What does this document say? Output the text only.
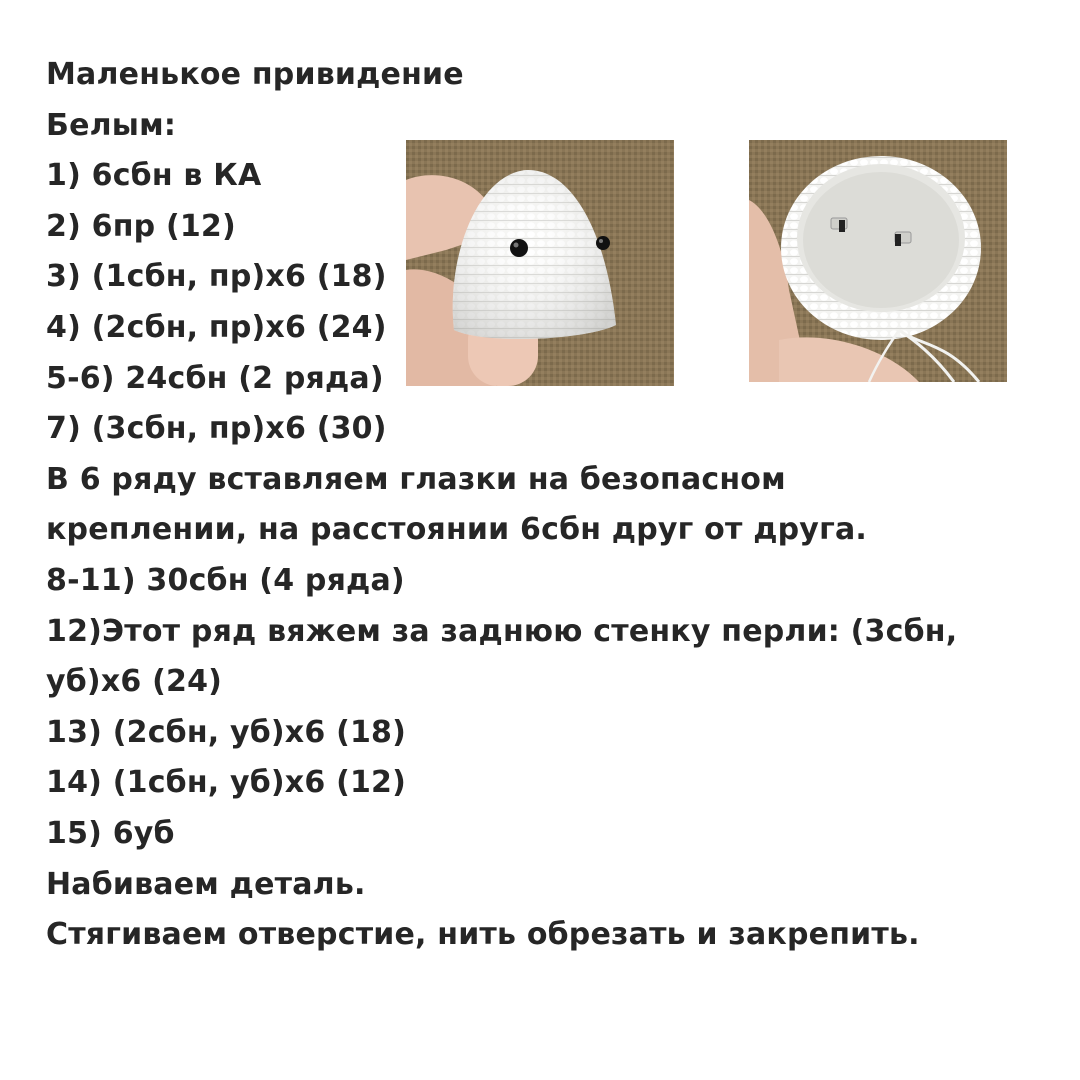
Маленькое привидение
Белым:
1) 6сбн в КА
2) 6пр (12)
3) (1сбн, пр)х6 (18)
4) (2сбн, пр)х6 (24)
5-6) 24сбн (2 ряда)
7) (3сбн, пр)х6 (30)
В 6 ряду вставляем глазки на безопасном
креплении, на расстоянии 6сбн друг от друга.
8-11) 30сбн (4 ряда)
12)Этот ряд вяжем за заднюю стенку перли: (3сбн,
уб)х6 (24)
13) (2сбн, уб)х6 (18)
14) (1сбн, уб)х6 (12)
15) 6уб
Набиваем деталь.
Стягиваем отверстие, нить обрезать и закрепить.
